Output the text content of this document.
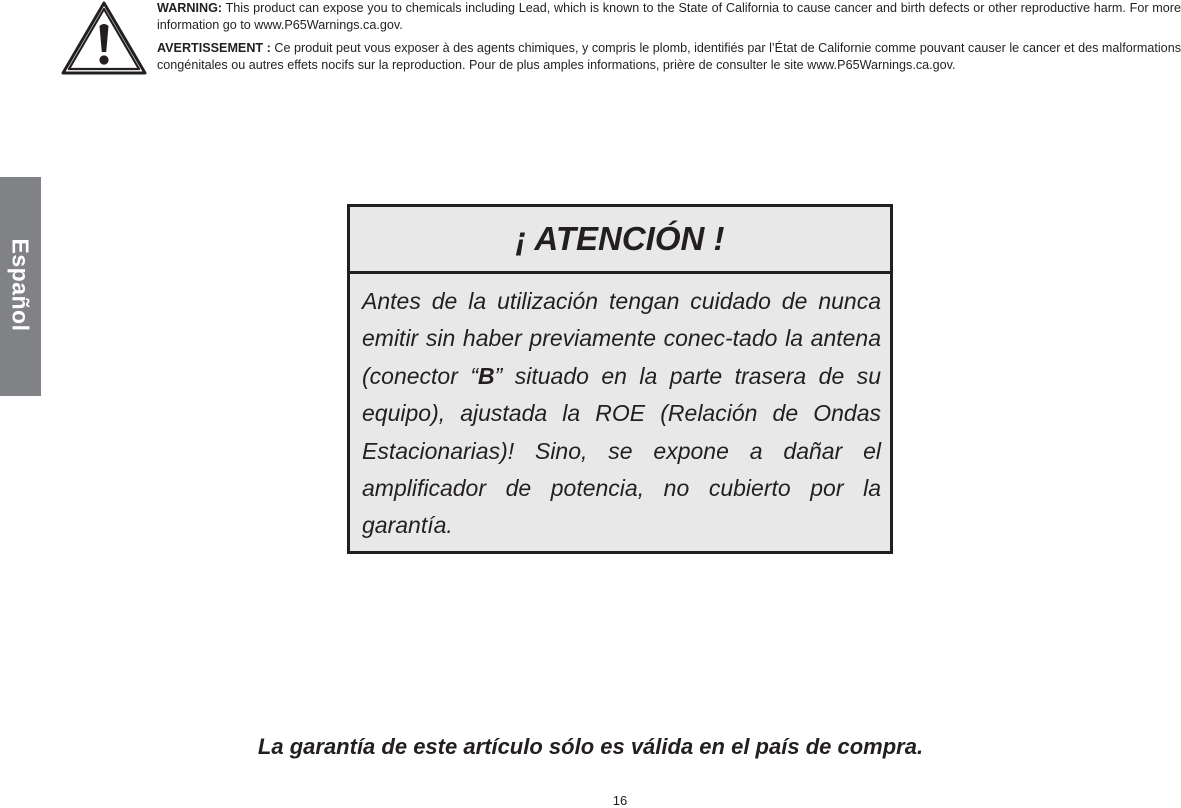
WARNING: This product can expose you to chemicals including Lead, which is known to the State of California to cause cancer and birth defects or other reproductive harm. For more information go to www.P65Warnings.ca.gov.

AVERTISSEMENT : Ce produit peut vous exposer à des agents chimiques, y compris le plomb, identifiés par l’État de Californie comme pouvant causer le cancer et des malformations congénitales ou autres effets nocifs sur la reproduction. Pour de plus amples informations, prière de consulter le site www.P65Warnings.ca.gov.

Español
¡ ATENCIÓN !
Antes de la utilización tengan cuidado de nunca emitir sin haber previamente conec-tado la antena (conector “B” situado en la parte trasera de su equipo), ajustada la ROE (Relación de Ondas Estacionarias)! Sino, se expone a dañar el amplificador de potencia, no cubierto por la garantía.
La garantía de este artículo sólo es válida en el país de compra.
16
